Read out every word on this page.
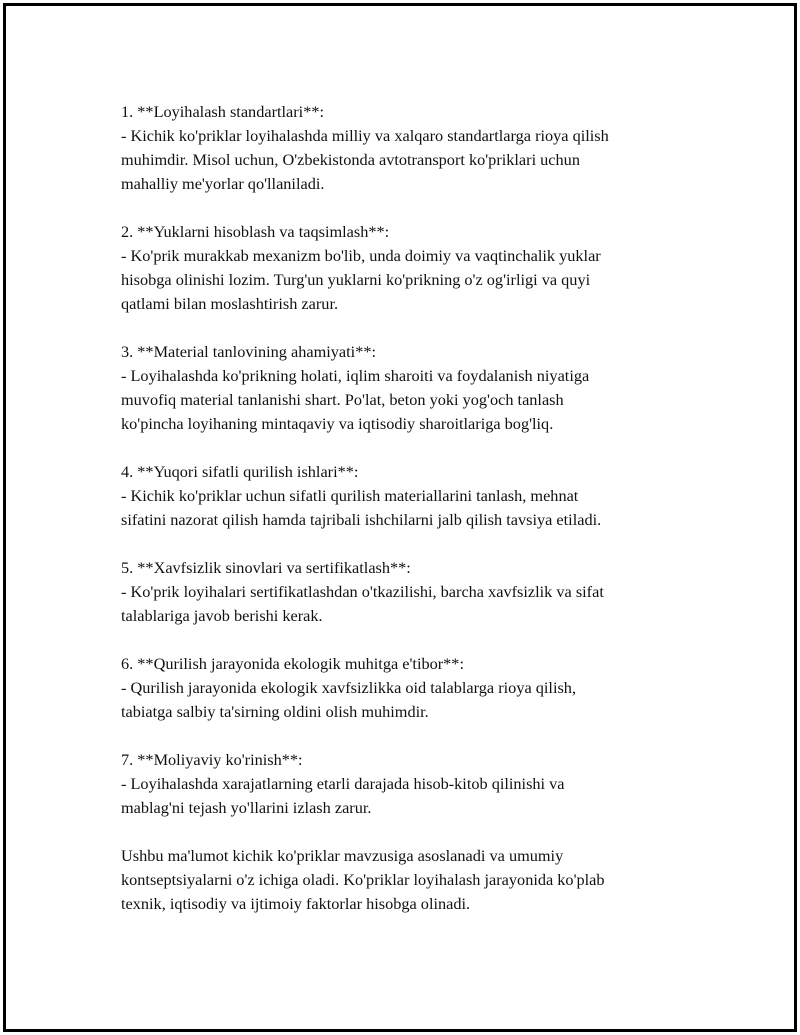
1. **Loyihalash standartlari**:
- Kichik ko'priklar loyihalashda milliy va xalqaro standartlarga rioya qilish
muhimdir. Misol uchun, O'zbekistonda avtotransport ko'priklari uchun
mahalliy me'yorlar qo'llaniladi.
2. **Yuklarni hisoblash va taqsimlash**:
- Ko'prik murakkab mexanizm bo'lib, unda doimiy va vaqtinchalik yuklar
hisobga olinishi lozim. Turg'un yuklarni ko'prikning o'z og'irligi va quyi
qatlami bilan moslashtirish zarur.
3. **Material tanlovining ahamiyati**:
- Loyihalashda ko'prikning holati, iqlim sharoiti va foydalanish niyatiga
muvofiq material tanlanishi shart. Po'lat, beton yoki yog'och tanlash
ko'pincha loyihaning mintaqaviy va iqtisodiy sharoitlariga bog'liq.
4. **Yuqori sifatli qurilish ishlari**:
- Kichik ko'priklar uchun sifatli qurilish materiallarini tanlash, mehnat
sifatini nazorat qilish hamda tajribali ishchilarni jalb qilish tavsiya etiladi.
5. **Xavfsizlik sinovlari va sertifikatlash**:
- Ko'prik loyihalari sertifikatlashdan o'tkazilishi, barcha xavfsizlik va sifat
talablariga javob berishi kerak.
6. **Qurilish jarayonida ekologik muhitga e'tibor**:
- Qurilish jarayonida ekologik xavfsizlikka oid talablarga rioya qilish,
tabiatga salbiy ta'sirning oldini olish muhimdir.
7. **Moliyaviy ko'rinish**:
- Loyihalashda xarajatlarning etarli darajada hisob-kitob qilinishi va
mablag'ni tejash yo'llarini izlash zarur.
Ushbu ma'lumot kichik ko'priklar mavzusiga asoslanadi va umumiy
kontseptsiyalarni o'z ichiga oladi. Ko'priklar loyihalash jarayonida ko'plab
texnik, iqtisodiy va ijtimoiy faktorlar hisobga olinadi.
